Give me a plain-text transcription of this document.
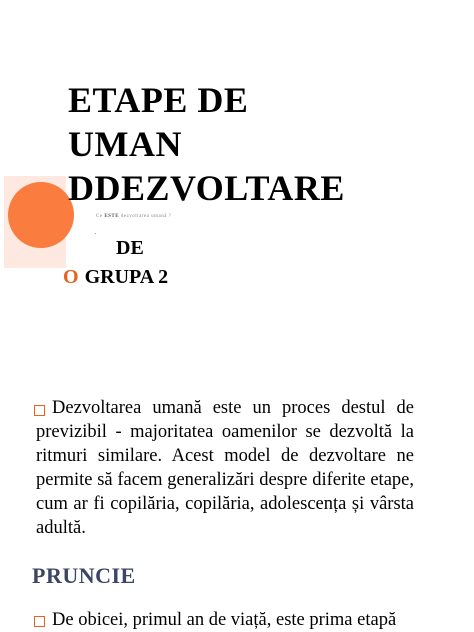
ETAPE DE
UMAN
DDEZVOLTARE
Ce ESTE dezvoltarea umană ?
·
DE
O GRUPA 2

Dezvoltarea umană este un proces destul de previzibil - majoritatea oamenilor se dezvoltă la ritmuri similare. Acest model de dezvoltare ne permite să facem generalizări despre diferite etape, cum ar fi copilăria, copilăria, adolescența și vârsta adultă.

PRUNCIE

De obicei, primul an de viață, este prima etapă
